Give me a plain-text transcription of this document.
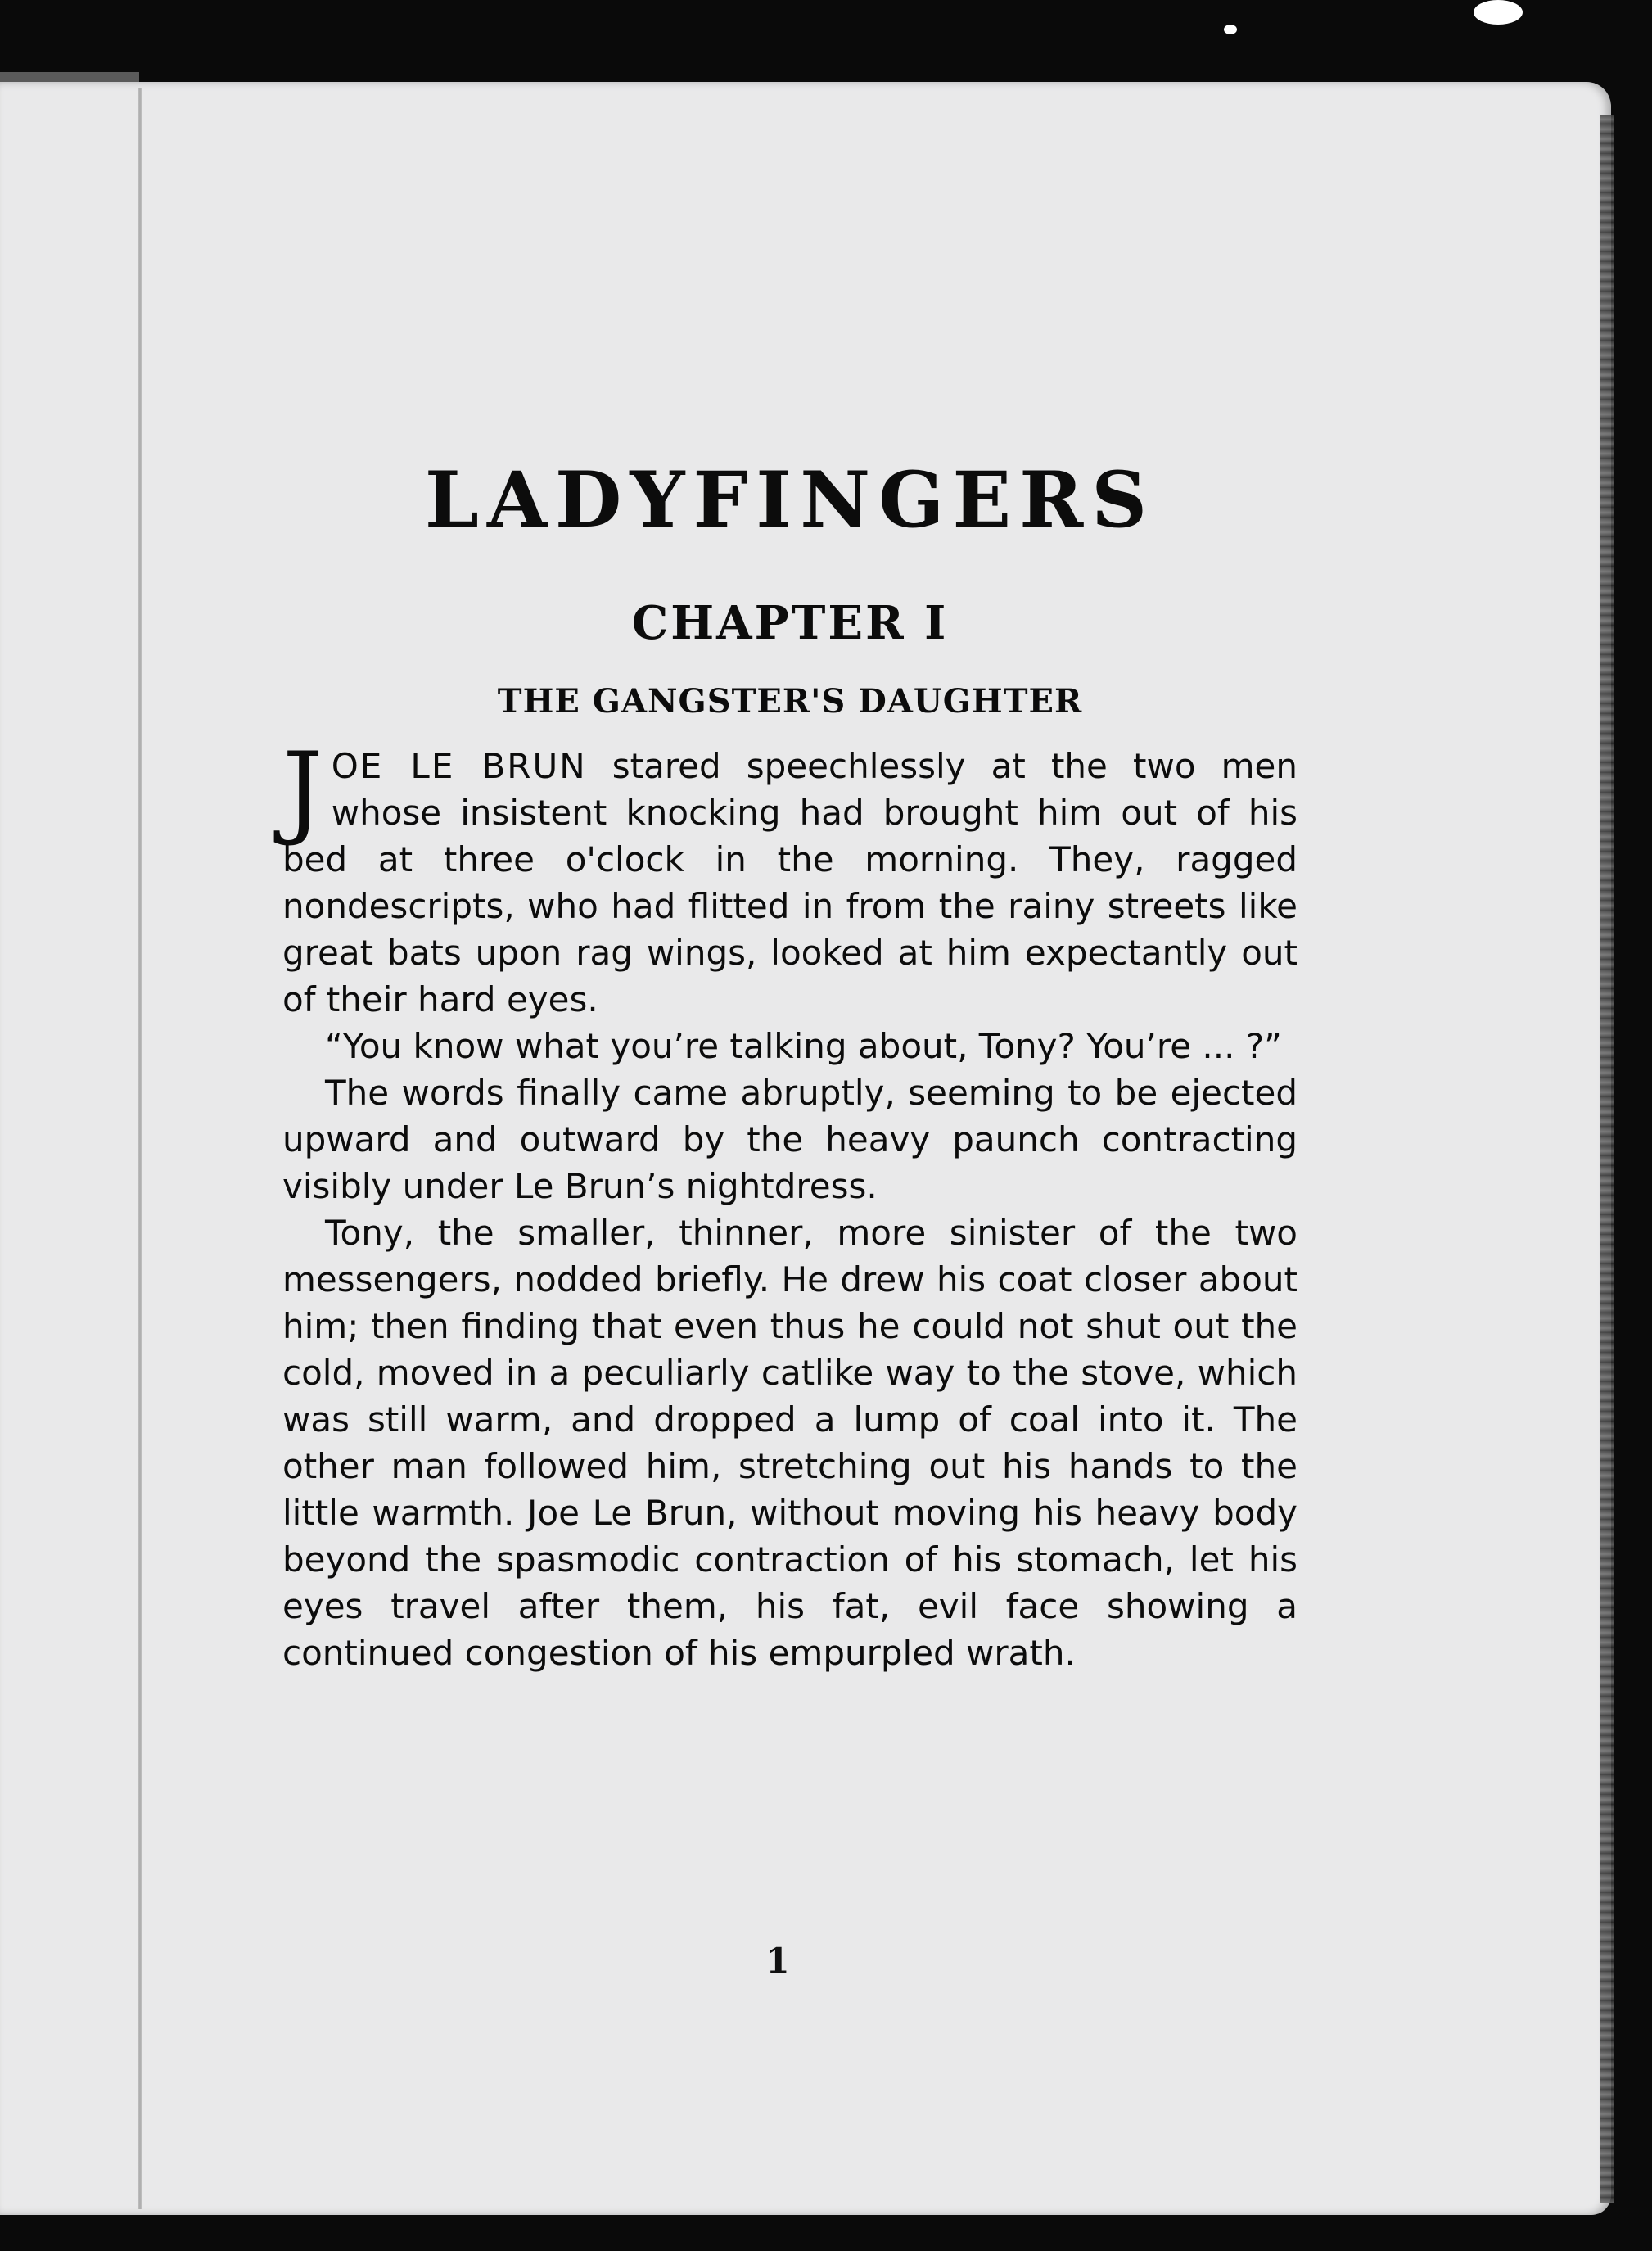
LADYFINGERS
CHAPTER I
THE GANGSTER'S DAUGHTER

JOE LE BRUN stared speechlessly at the two men whose insistent knocking had brought him out of his bed at three o'clock in the morning. They, ragged nondescripts, who had flitted in from the rainy streets like great bats upon rag wings, looked at him expectantly out of their hard eyes.

“You know what you’re talking about, Tony? You’re ... ?”

The words finally came abruptly, seeming to be ejected upward and outward by the heavy paunch contracting visibly under Le Brun’s nightdress.

Tony, the smaller, thinner, more sinister of the two messengers, nodded briefly. He drew his coat closer about him; then finding that even thus he could not shut out the cold, moved in a peculiarly catlike way to the stove, which was still warm, and dropped a lump of coal into it. The other man followed him, stretching out his hands to the little warmth. Joe Le Brun, without moving his heavy body beyond the spasmodic contraction of his stomach, let his eyes travel after them, his fat, evil face showing a continued congestion of his empurpled wrath.

1
